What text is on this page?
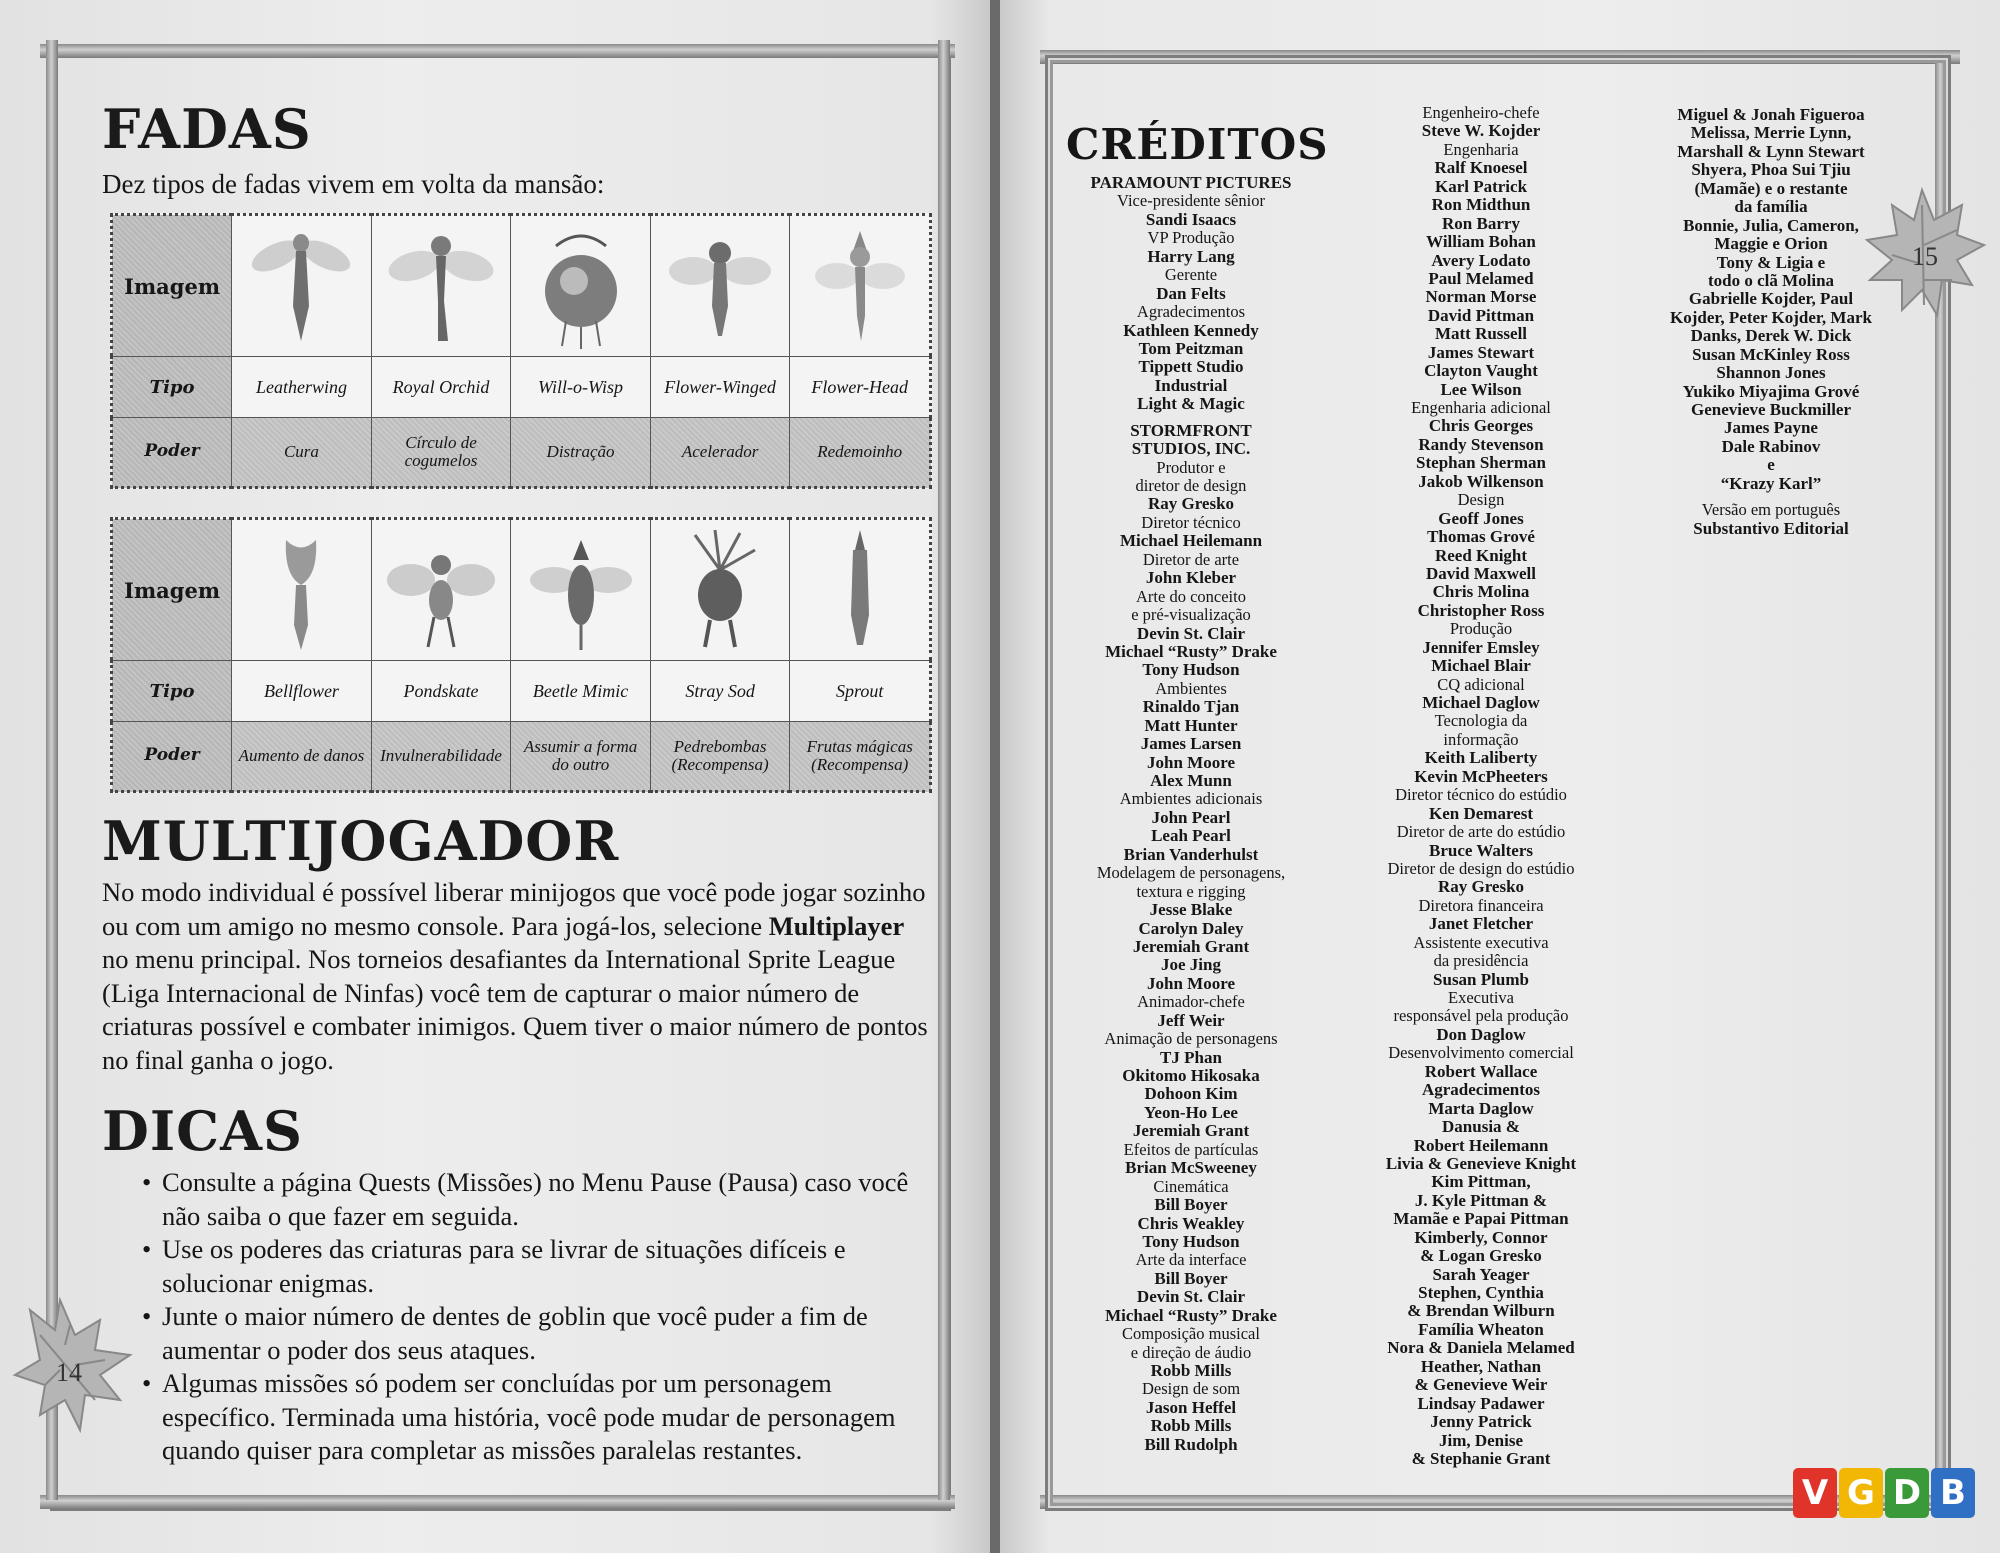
FADAS
Dez tipos de fadas vivem em volta da mansão:
Imagem	

Tipo	Leatherwing	Royal Orchid	Will-o-Wisp	Flower-Winged	Flower-Head
Poder	Cura	Círculo de cogumelos	Distração	Acelerador	Redemoinho
Imagem	

Tipo	Bellflower	Pondskate	Beetle Mimic	Stray Sod	Sprout
Poder	Aumento de danos	Invulnerabilidade	Assumir a forma do outro	Pedrebombas (Recompensa)	Frutas mágicas (Recompensa)
MULTIJOGADOR

No modo individual é possível liberar minijogos que você pode jogar sozinho ou com um amigo no mesmo console. Para jogá-los, selecione Multiplayer no menu principal. Nos torneios desafiantes da International Sprite League (Liga Internacional de Ninfas) você tem de capturar o maior número de criaturas possível e combater inimigos. Quem tiver o maior número de pontos no final ganha o jogo.

DICAS
• Consulte a página Quests (Missões) no Menu Pause (Pausa) caso você não saiba o que fazer em seguida.
• Use os poderes das criaturas para se livrar de situações difíceis e solucionar enigmas.
• Junte o maior número de dentes de goblin que você puder a fim de aumentar o poder dos seus ataques.
• Algumas missões só podem ser concluídas por um personagem específico. Terminada uma história, você pode mudar de personagem quando quiser para completar as missões paralelas restantes.
14
CRÉDITOS
PARAMOUNT PICTURES
Vice-presidente sênior
Sandi Isaacs
VP Produção
Harry Lang
Gerente
Dan Felts
Agradecimentos
Kathleen Kennedy
Tom Peitzman
Tippett Studio
Industrial
Light & Magic
STORMFRONT
STUDIOS, INC.
Produtor e
diretor de design
Ray Gresko
Diretor técnico
Michael Heilemann
Diretor de arte
John Kleber
Arte do conceito
e pré-visualização
Devin St. Clair
Michael “Rusty” Drake
Tony Hudson
Ambientes
Rinaldo Tjan
Matt Hunter
James Larsen
John Moore
Alex Munn
Ambientes adicionais
John Pearl
Leah Pearl
Brian Vanderhulst
Modelagem de personagens,
textura e rigging
Jesse Blake
Carolyn Daley
Jeremiah Grant
Joe Jing
John Moore
Animador-chefe
Jeff Weir
Animação de personagens
TJ Phan
Okitomo Hikosaka
Dohoon Kim
Yeon-Ho Lee
Jeremiah Grant
Efeitos de partículas
Brian McSweeney
Cinemática
Bill Boyer
Chris Weakley
Tony Hudson
Arte da interface
Bill Boyer
Devin St. Clair
Michael “Rusty” Drake
Composição musical
e direção de áudio
Robb Mills
Design de som
Jason Heffel
Robb Mills
Bill Rudolph
Engenheiro-chefe
Steve W. Kojder
Engenharia
Ralf Knoesel
Karl Patrick
Ron Midthun
Ron Barry
William Bohan
Avery Lodato
Paul Melamed
Norman Morse
David Pittman
Matt Russell
James Stewart
Clayton Vaught
Lee Wilson
Engenharia adicional
Chris Georges
Randy Stevenson
Stephan Sherman
Jakob Wilkenson
Design
Geoff Jones
Thomas Grové
Reed Knight
David Maxwell
Chris Molina
Christopher Ross
Produção
Jennifer Emsley
Michael Blair
CQ adicional
Michael Daglow
Tecnologia da
informação
Keith Laliberty
Kevin McPheeters
Diretor técnico do estúdio
Ken Demarest
Diretor de arte do estúdio
Bruce Walters
Diretor de design do estúdio
Ray Gresko
Diretora financeira
Janet Fletcher
Assistente executiva
da presidência
Susan Plumb
Executiva
responsável pela produção
Don Daglow
Desenvolvimento comercial
Robert Wallace
Agradecimentos
Marta Daglow
Danusia &
Robert Heilemann
Livia & Genevieve Knight
Kim Pittman,
J. Kyle Pittman &
Mamãe e Papai Pittman
Kimberly, Connor
& Logan Gresko
Sarah Yeager
Stephen, Cynthia
& Brendan Wilburn
Família Wheaton
Nora & Daniela Melamed
Heather, Nathan
& Genevieve Weir
Lindsay Padawer
Jenny Patrick
Jim, Denise
& Stephanie Grant
Miguel & Jonah Figueroa
Melissa, Merrie Lynn,
Marshall & Lynn Stewart
Shyera, Phoa Sui Tjiu
(Mamãe) e o restante
da família
Bonnie, Julia, Cameron,
Maggie e Orion
Tony & Ligia e
todo o clã Molina
Gabrielle Kojder, Paul
Kojder, Peter Kojder, Mark
Danks, Derek W. Dick
Susan McKinley Ross
Shannon Jones
Yukiko Miyajima Grové
Genevieve Buckmiller
James Payne
Dale Rabinov
e
“Krazy Karl”
Versão em português
Substantivo Editorial
15
V G D B
